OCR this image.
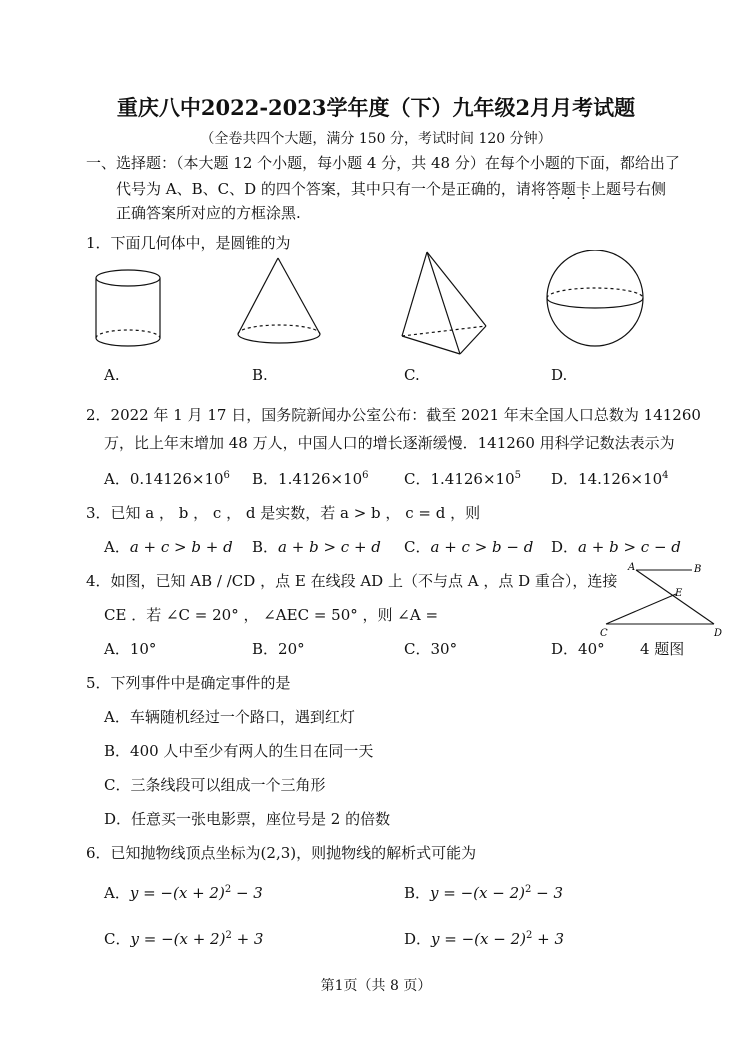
重庆八中2022-2023学年度（下）九年级2月月考试题
（全卷共四个大题，满分 150 分，考试时间 120 分钟）
一、选择题：（本大题 12 个小题，每小题 4 分，共 48 分）在每个小题的下面，都给出了
代号为 A、B、C、D 的四个答案，其中只有一个是正确的，请将答题卡上题号右侧
正确答案所对应的方框涂黑.
1．下面几何体中，是圆锥的为
A.	B.	C.	D.
2．2022 年 1 月 17 日，国务院新闻办公室公布：截至 2021 年末全国人口总数为 141260
万，比上年末增加 48 万人，中国人口的增长逐渐缓慢．141260 用科学记数法表示为
A．$0.14126\times 10^6$ B．$1.4126\times 10^6$ C．$1.4126\times 10^5$ D．$14.126\times 10^4$
3．已知 a ， b ， c ， d 是实数，若 a > b ， c = d ，则
A．a + c > b + d B．a + b > c + d C．a + c > b − d D．a + b > c − d
4．如图，已知 AB / /CD ，点 E 在线段 AD 上（不与点 A ，点 D 重合），连接
CE ．若 ∠C = 20° ， ∠AEC = 50° ，则 ∠A =
A．10°	B．20°	C．30°	D．40°
A	B
E
C	D
4 题图
5．下列事件中是确定事件的是
A．车辆随机经过一个路口，遇到红灯
B．400 人中至少有两人的生日在同一天
C．三条线段可以组成一个三角形
D．任意买一张电影票，座位号是 2 的倍数
6．已知抛物线顶点坐标为(2,3)，则抛物线的解析式可能为
A．$y = -(x + 2)^2 - 3$	B．$y = -(x - 2)^2 - 3$
C．$y = -(x + 2)^2 + 3$	D．$y = -(x - 2)^2 + 3$
第1页（共 8 页）
